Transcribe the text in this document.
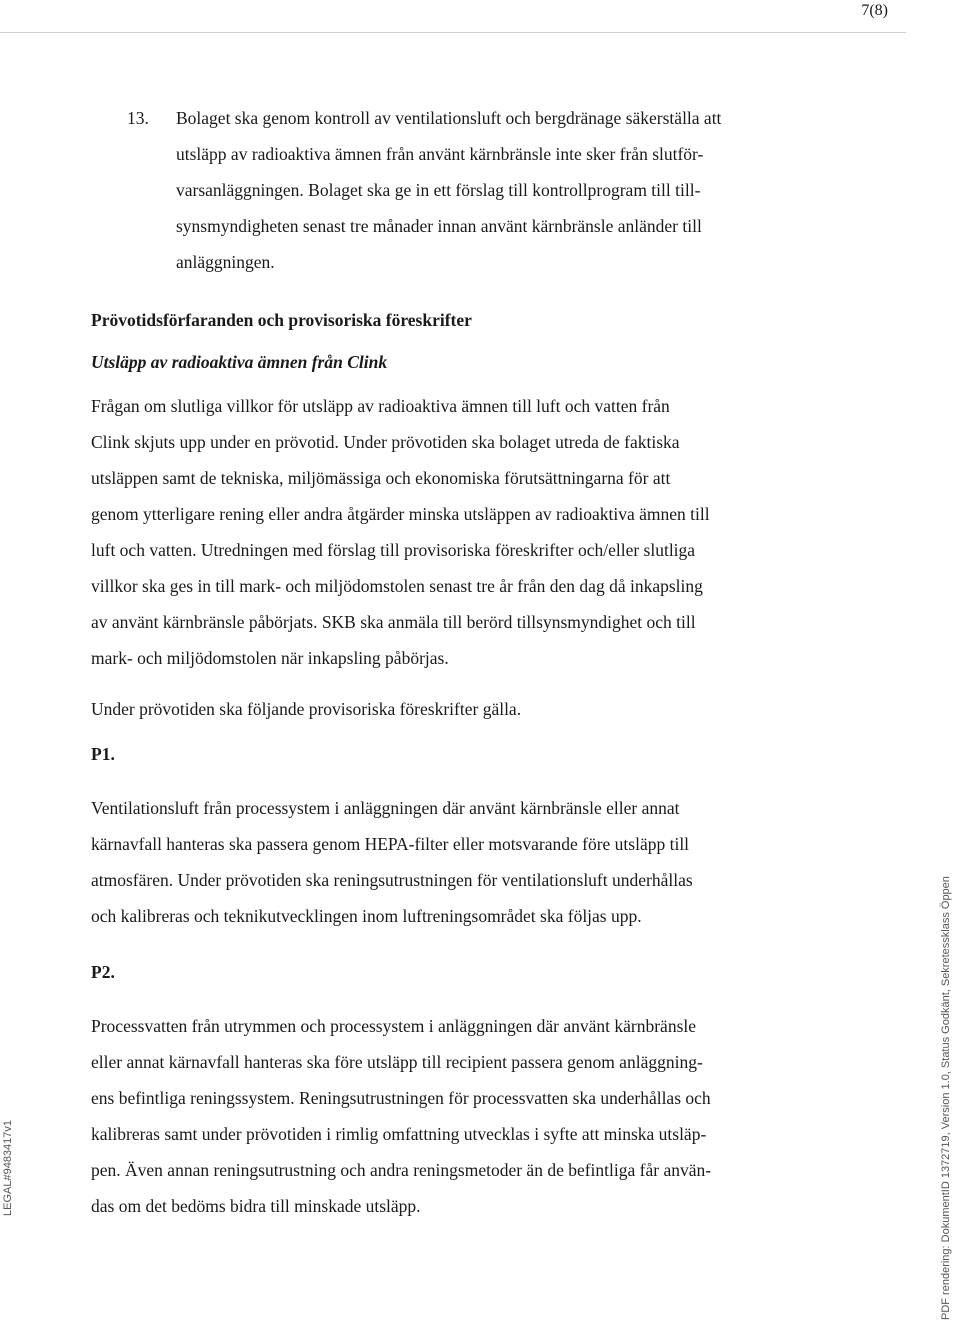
7(8)
13. Bolaget ska genom kontroll av ventilationsluft och bergdränage säkerställa att
utsläpp av radioaktiva ämnen från använt kärnbränsle inte sker från slutför-
varsanläggningen. Bolaget ska ge in ett förslag till kontrollprogram till till-
synsmyndigheten senast tre månader innan använt kärnbränsle anländer till
anläggningen.
Prövotidsförfaranden och provisoriska föreskrifter
Utsläpp av radioaktiva ämnen från Clink
Frågan om slutliga villkor för utsläpp av radioaktiva ämnen till luft och vatten från
Clink skjuts upp under en prövotid. Under prövotiden ska bolaget utreda de faktiska
utsläppen samt de tekniska, miljömässiga och ekonomiska förutsättningarna för att
genom ytterligare rening eller andra åtgärder minska utsläppen av radioaktiva ämnen till
luft och vatten. Utredningen med förslag till provisoriska föreskrifter och/eller slutliga
villkor ska ges in till mark- och miljödomstolen senast tre år från den dag då inkapsling
av använt kärnbränsle påbörjats. SKB ska anmäla till berörd tillsynsmyndighet och till
mark- och miljödomstolen när inkapsling påbörjas.
Under prövotiden ska följande provisoriska föreskrifter gälla.
P1.
Ventilationsluft från processystem i anläggningen där använt kärnbränsle eller annat
kärnavfall hanteras ska passera genom HEPA-filter eller motsvarande före utsläpp till
atmosfären. Under prövotiden ska reningsutrustningen för ventilationsluft underhållas
och kalibreras och teknikutvecklingen inom luftreningsområdet ska följas upp.
P2.
Processvatten från utrymmen och processystem i anläggningen där använt kärnbränsle
eller annat kärnavfall hanteras ska före utsläpp till recipient passera genom anläggning-
ens befintliga reningssystem. Reningsutrustningen för processvatten ska underhållas och
kalibreras samt under prövotiden i rimlig omfattning utvecklas i syfte att minska utsläp-
pen. Även annan reningsutrustning och andra reningsmetoder än de befintliga får använ-
das om det bedöms bidra till minskade utsläpp.
LEGAL#9483417v1	PDF rendering: DokumentID 1372719, Version 1.0, Status Godkänt, Sekretessklass Öppen
